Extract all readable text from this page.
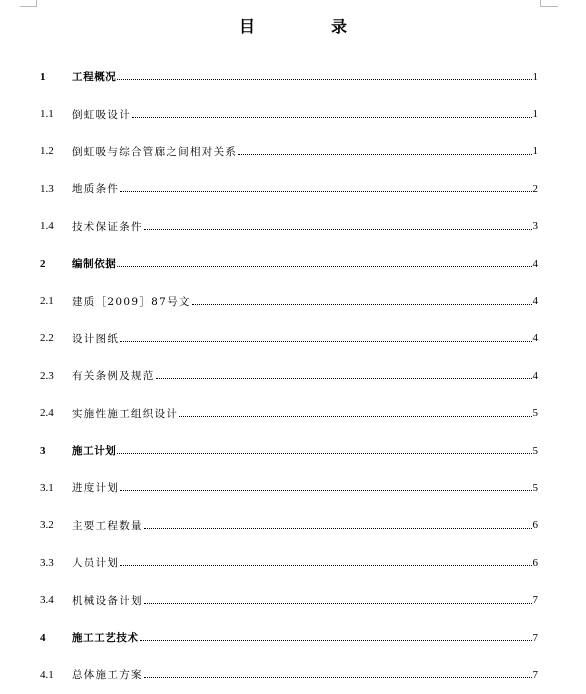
目　录
1	工程概况	1
1.1	倒虹吸设计	1
1.2	倒虹吸与综合管廊之间相对关系	1
1.3	地质条件	2
1.4	技术保证条件	3
2	编制依据	4
2.1	建质［2009］87号文	4
2.2	设计图纸	4
2.3	有关条例及规范	4
2.4	实施性施工组织设计	5
3	施工计划	5
3.1	进度计划	5
3.2	主要工程数量	6
3.3	人员计划	6
3.4	机械设备计划	7
4	施工工艺技术	7
4.1	总体施工方案	7
